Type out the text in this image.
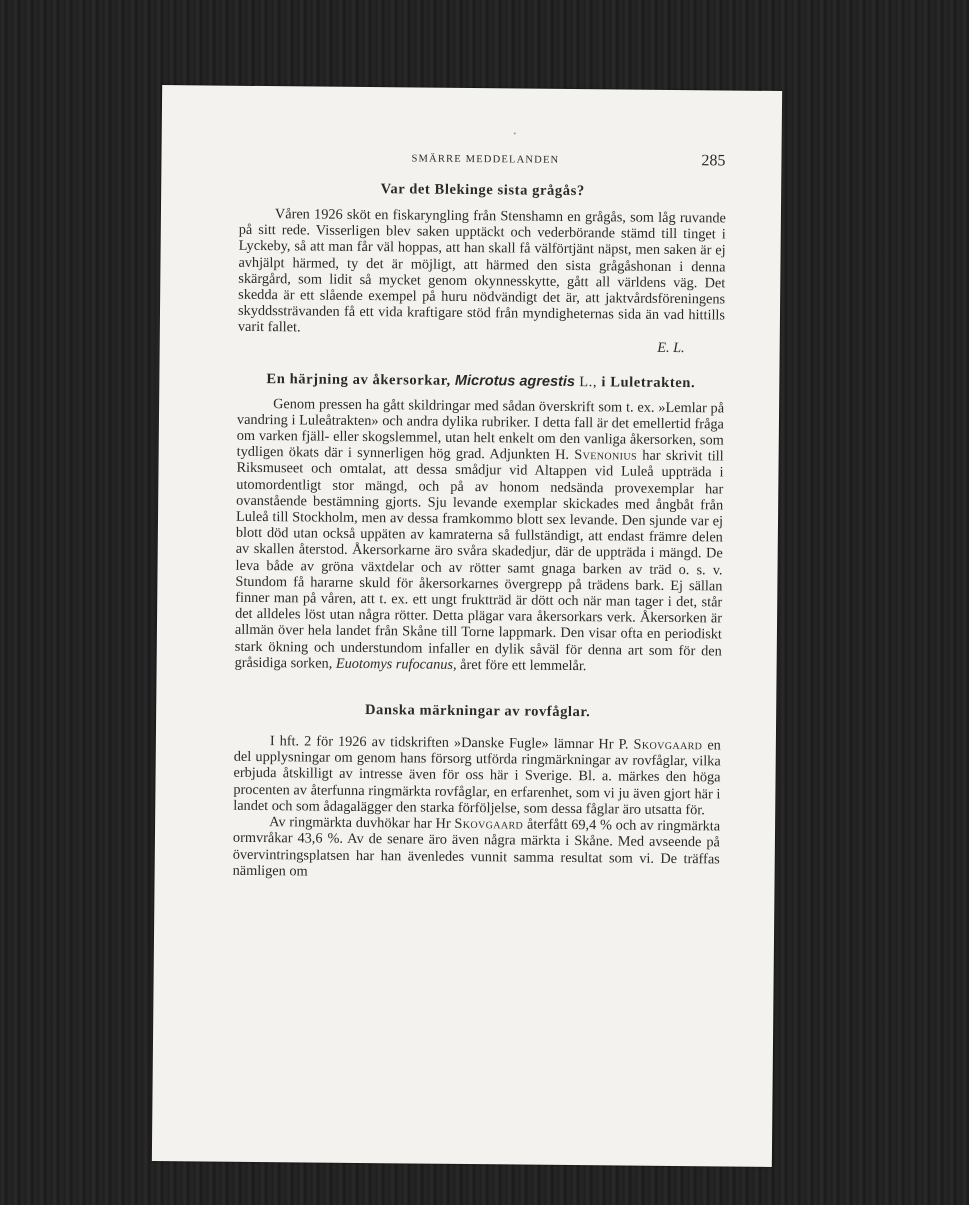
SMÄRRE MEDDELANDEN	285
Var det Blekinge sista grågås?

Våren 1926 sköt en fiskaryngling från Stenshamn en grågås, som låg ruvande på sitt rede. Visserligen blev saken upptäckt och vederbörande stämd till tinget i Lyckeby, så att man får väl hoppas, att han skall få välförtjänt näpst, men saken är ej avhjälpt härmed, ty det är möjligt, att härmed den sista grågåshonan i denna skärgård, som lidit så mycket genom okynnesskytte, gått all världens väg. Det skedda är ett slående exempel på huru nödvändigt det är, att jaktvårdsföreningens skyddssträvanden få ett vida kraftigare stöd från myndigheternas sida än vad hittills varit fallet.

E. L.
En härjning av åkersorkar, Microtus agrestis L., i Luletrakten.

Genom pressen ha gått skildringar med sådan överskrift som t. ex. »Lemlar på vandring i Luleåtrakten» och andra dylika rubriker. I detta fall är det emellertid fråga om varken fjäll- eller skogslemmel, utan helt enkelt om den vanliga åkersorken, som tydligen ökats där i synnerligen hög grad. Adjunkten H. Svenonius har skrivit till Riksmuseet och omtalat, att dessa smådjur vid Altappen vid Luleå uppträda i utomordentligt stor mängd, och på av honom nedsända provexemplar har ovanstående bestämning gjorts. Sju levande exemplar skickades med ångbåt från Luleå till Stockholm, men av dessa framkommo blott sex levande. Den sjunde var ej blott död utan också uppäten av kamraterna så fullständigt, att endast främre delen av skallen återstod. Åkersorkarne äro svåra skadedjur, där de uppträda i mängd. De leva både av gröna växtdelar och av rötter samt gnaga barken av träd o. s. v. Stundom få hararne skuld för åkersorkarnes övergrepp på trädens bark. Ej sällan finner man på våren, att t. ex. ett ungt fruktträd är dött och när man tager i det, står det alldeles löst utan några rötter. Detta plägar vara åkersorkars verk. Åkersorken är allmän över hela landet från Skåne till Torne lappmark. Den visar ofta en periodiskt stark ökning och understundom infaller en dylik såväl för denna art som för den gråsidiga sorken, Euotomys rufocanus, året före ett lemmelår.

Danska märkningar av rovfåglar.

I hft. 2 för 1926 av tidskriften »Danske Fugle» lämnar Hr P. Skovgaard en del upplysningar om genom hans försorg utförda ringmärkningar av rovfåglar, vilka erbjuda åtskilligt av intresse även för oss här i Sverige. Bl. a. märkes den höga procenten av återfunna ringmärkta rovfåglar, en erfarenhet, som vi ju även gjort här i landet och som ådagalägger den starka förföljelse, som dessa fåglar äro utsatta för.

Av ringmärkta duvhökar har Hr Skovgaard återfått 69,4 % och av ringmärkta ormvråkar 43,6 %. Av de senare äro även några märkta i Skåne. Med avseende på övervintringsplatsen har han ävenledes vunnit samma resultat som vi. De träffas nämligen om
